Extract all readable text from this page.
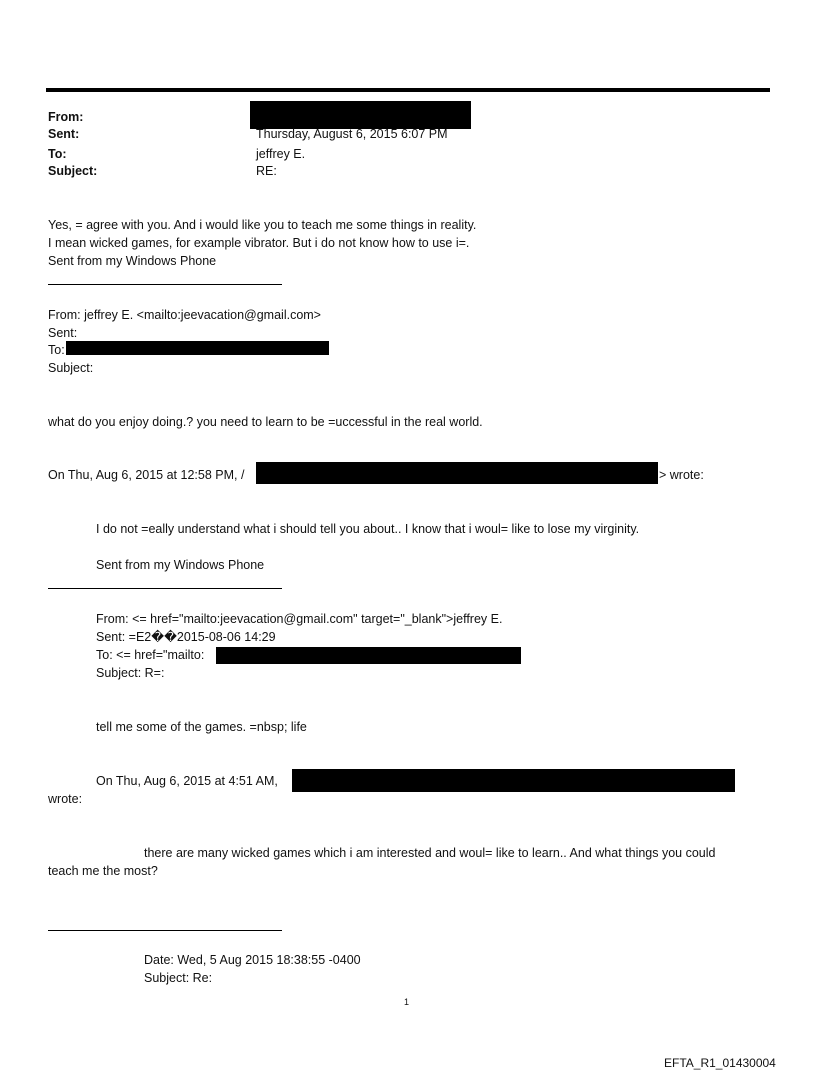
From:
Sent:	Thursday, August 6, 2015 6:07 PM
To:	jeffrey E.
Subject:	RE:
Yes, = agree with you. And i would like you to teach me some things in reality.
I mean wicked games, for example vibrator. But i do not know how to use i=.
Sent from my Windows Phone
From: jeffrey E. <mailto:jeevacation@gmail.com>
Sent:
To:
Subject:
what do you enjoy doing.? you need to learn to be =uccessful in the real world.
On Thu, Aug 6, 2015 at 12:58 PM, /	> wrote:
I do not =eally understand what i should tell you about.. I know that i woul= like to lose my virginity.
Sent from my Windows Phone
From: <= href="mailto:jeevacation@gmail.com" target="_blank">jeffrey E.
Sent: =E2��2015-08-06 14:29
To: <= href="mailto:
Subject: R=:
tell me some of the games. =nbsp; life
On Thu, Aug 6, 2015 at 4:51 AM,
wrote:
there are many wicked games which i am interested and woul= like to learn.. And what things you could
teach me the most?
Date: Wed, 5 Aug 2015 18:38:55 -0400
Subject: Re:
1
EFTA_R1_01430004
